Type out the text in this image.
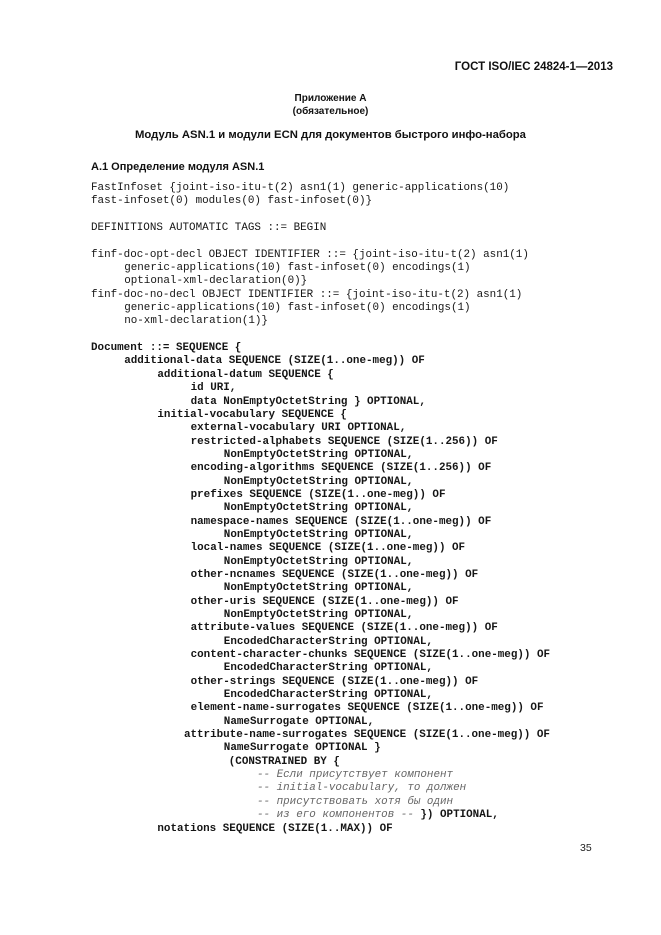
ГОСТ ISO/IEC 24824-1—2013
Приложение А
(обязательное)
Модуль ASN.1 и модули ECN для документов быстрого инфо-набора
А.1 Определение модуля ASN.1
FastInfoset {joint-iso-itu-t(2) asn1(1) generic-applications(10)
fast-infoset(0) modules(0) fast-infoset(0)}
DEFINITIONS AUTOMATIC TAGS ::= BEGIN
finf-doc-opt-decl OBJECT IDENTIFIER ::= {joint-iso-itu-t(2) asn1(1)
generic-applications(10) fast-infoset(0) encodings(1)
optional-xml-declaration(0)}
finf-doc-no-decl OBJECT IDENTIFIER ::= {joint-iso-itu-t(2) asn1(1)
generic-applications(10) fast-infoset(0) encodings(1)
no-xml-declaration(1)}
Document ::= SEQUENCE {
additional-data SEQUENCE (SIZE(1..one-meg)) OF
additional-datum SEQUENCE {
id URI,
data NonEmptyOctetString } OPTIONAL,
initial-vocabulary SEQUENCE {
external-vocabulary URI OPTIONAL,
restricted-alphabets SEQUENCE (SIZE(1..256)) OF
NonEmptyOctetString OPTIONAL,
encoding-algorithms SEQUENCE (SIZE(1..256)) OF
NonEmptyOctetString OPTIONAL,
prefixes SEQUENCE (SIZE(1..one-meg)) OF
NonEmptyOctetString OPTIONAL,
namespace-names SEQUENCE (SIZE(1..one-meg)) OF
NonEmptyOctetString OPTIONAL,
local-names SEQUENCE (SIZE(1..one-meg)) OF
NonEmptyOctetString OPTIONAL,
other-ncnames SEQUENCE (SIZE(1..one-meg)) OF
NonEmptyOctetString OPTIONAL,
other-uris SEQUENCE (SIZE(1..one-meg)) OF
NonEmptyOctetString OPTIONAL,
attribute-values SEQUENCE (SIZE(1..one-meg)) OF
EncodedCharacterString OPTIONAL,
content-character-chunks SEQUENCE (SIZE(1..one-meg)) OF
EncodedCharacterString OPTIONAL,
other-strings SEQUENCE (SIZE(1..one-meg)) OF
EncodedCharacterString OPTIONAL,
element-name-surrogates SEQUENCE (SIZE(1..one-meg)) OF
NameSurrogate OPTIONAL,
attribute-name-surrogates SEQUENCE (SIZE(1..one-meg)) OF
NameSurrogate OPTIONAL }
(CONSTRAINED BY {
-- Если присутствует компонент
-- initial-vocabulary, то должен
-- присутствовать хотя бы один
-- из его компонентов -- }) OPTIONAL,
notations SEQUENCE (SIZE(1..MAX)) OF
35
